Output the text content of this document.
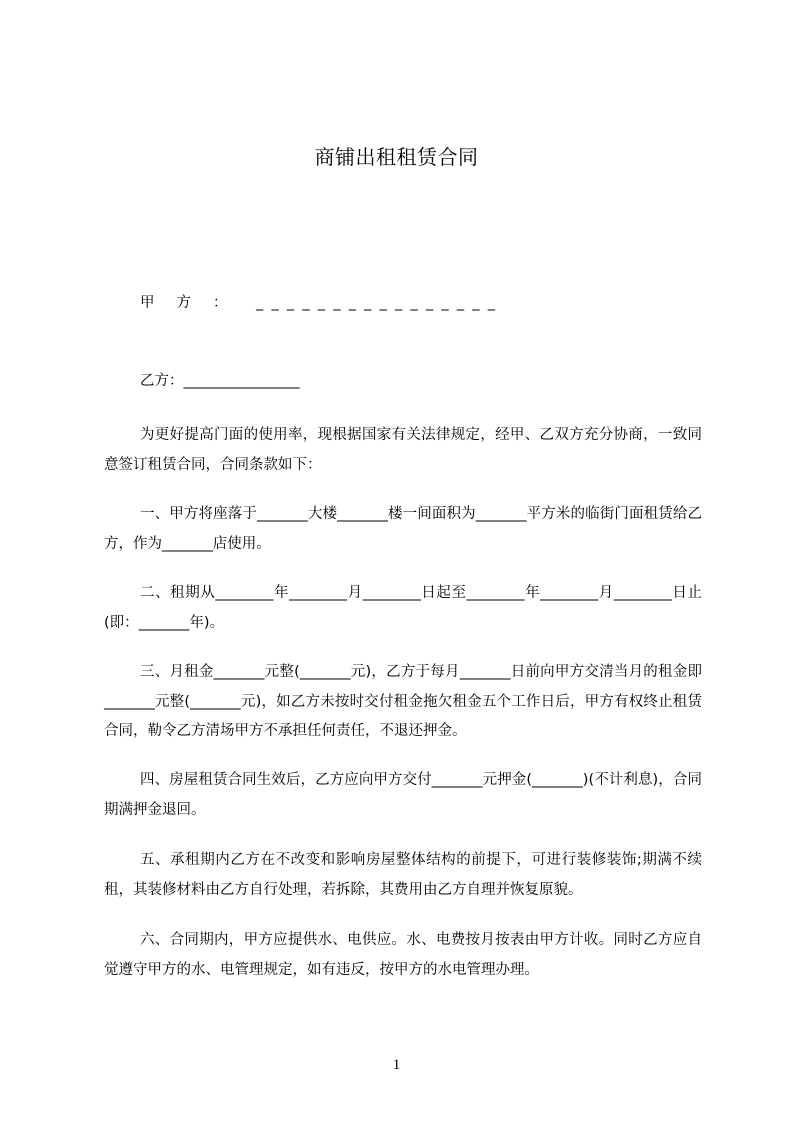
商铺出租租赁合同
甲方： ________________
乙方：________________

为更好提高门面的使用率，现根据国家有关法律规定，经甲、乙双方充分协商，一致同意签订租赁合同，合同条款如下：

一、甲方将座落于_______大楼_______楼一间面积为_______平方米的临街门面租赁给乙方，作为_______店使用。

二、租期从________年________月________日起至________年________月________日止(即：_______年)。

三、月租金_______元整(_______元)，乙方于每月_______日前向甲方交清当月的租金即_______元整(_______元)，如乙方未按时交付租金拖欠租金五个工作日后，甲方有权终止租赁合同，勒令乙方清场甲方不承担任何责任，不退还押金。

四、房屋租赁合同生效后，乙方应向甲方交付_______元押金(_______)(不计利息)，合同期满押金退回。

五、承租期内乙方在不改变和影响房屋整体结构的前提下，可进行装修装饰;期满不续租，其装修材料由乙方自行处理，若拆除，其费用由乙方自理并恢复原貌。

六、合同期内，甲方应提供水、电供应。水、电费按月按表由甲方计收。同时乙方应自觉遵守甲方的水、电管理规定，如有违反，按甲方的水电管理办理。

1
